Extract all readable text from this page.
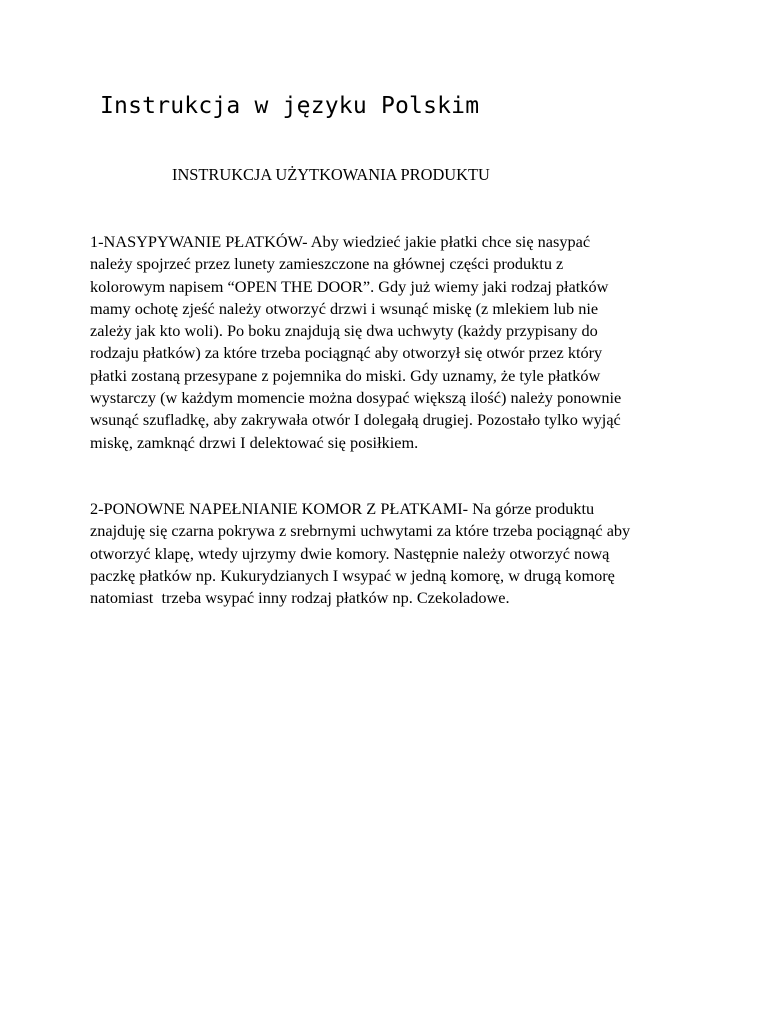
Instrukcja w języku Polskim
INSTRUKCJA UŻYTKOWANIA PRODUKTU

1-NASYPYWANIE PŁATKÓW- Aby wiedzieć jakie płatki chce się nasypać
należy spojrzeć przez lunety zamieszczone na głównej części produktu z
kolorowym napisem “OPEN THE DOOR”. Gdy już wiemy jaki rodzaj płatków
mamy ochotę zjeść należy otworzyć drzwi i wsunąć miskę (z mlekiem lub nie
zależy jak kto woli). Po boku znajdują się dwa uchwyty (każdy przypisany do
rodzaju płatków) za które trzeba pociągnąć aby otworzył się otwór przez który
płatki zostaną przesypane z pojemnika do miski. Gdy uznamy, że tyle płatków
wystarczy (w każdym momencie można dosypać większą ilość) należy ponownie
wsunąć szufladkę, aby zakrywała otwór I dolegałą drugiej. Pozostało tylko wyjąć
miskę, zamknąć drzwi I delektować się posiłkiem.

2-PONOWNE NAPEŁNIANIE KOMOR Z PŁATKAMI- Na górze produktu
znajduję się czarna pokrywa z srebrnymi uchwytami za które trzeba pociągnąć aby
otworzyć klapę, wtedy ujrzymy dwie komory. Następnie należy otworzyć nową
paczkę płatków np. Kukurydzianych I wsypać w jedną komorę, w drugą komorę
natomiast  trzeba wsypać inny rodzaj płatków np. Czekoladowe.
